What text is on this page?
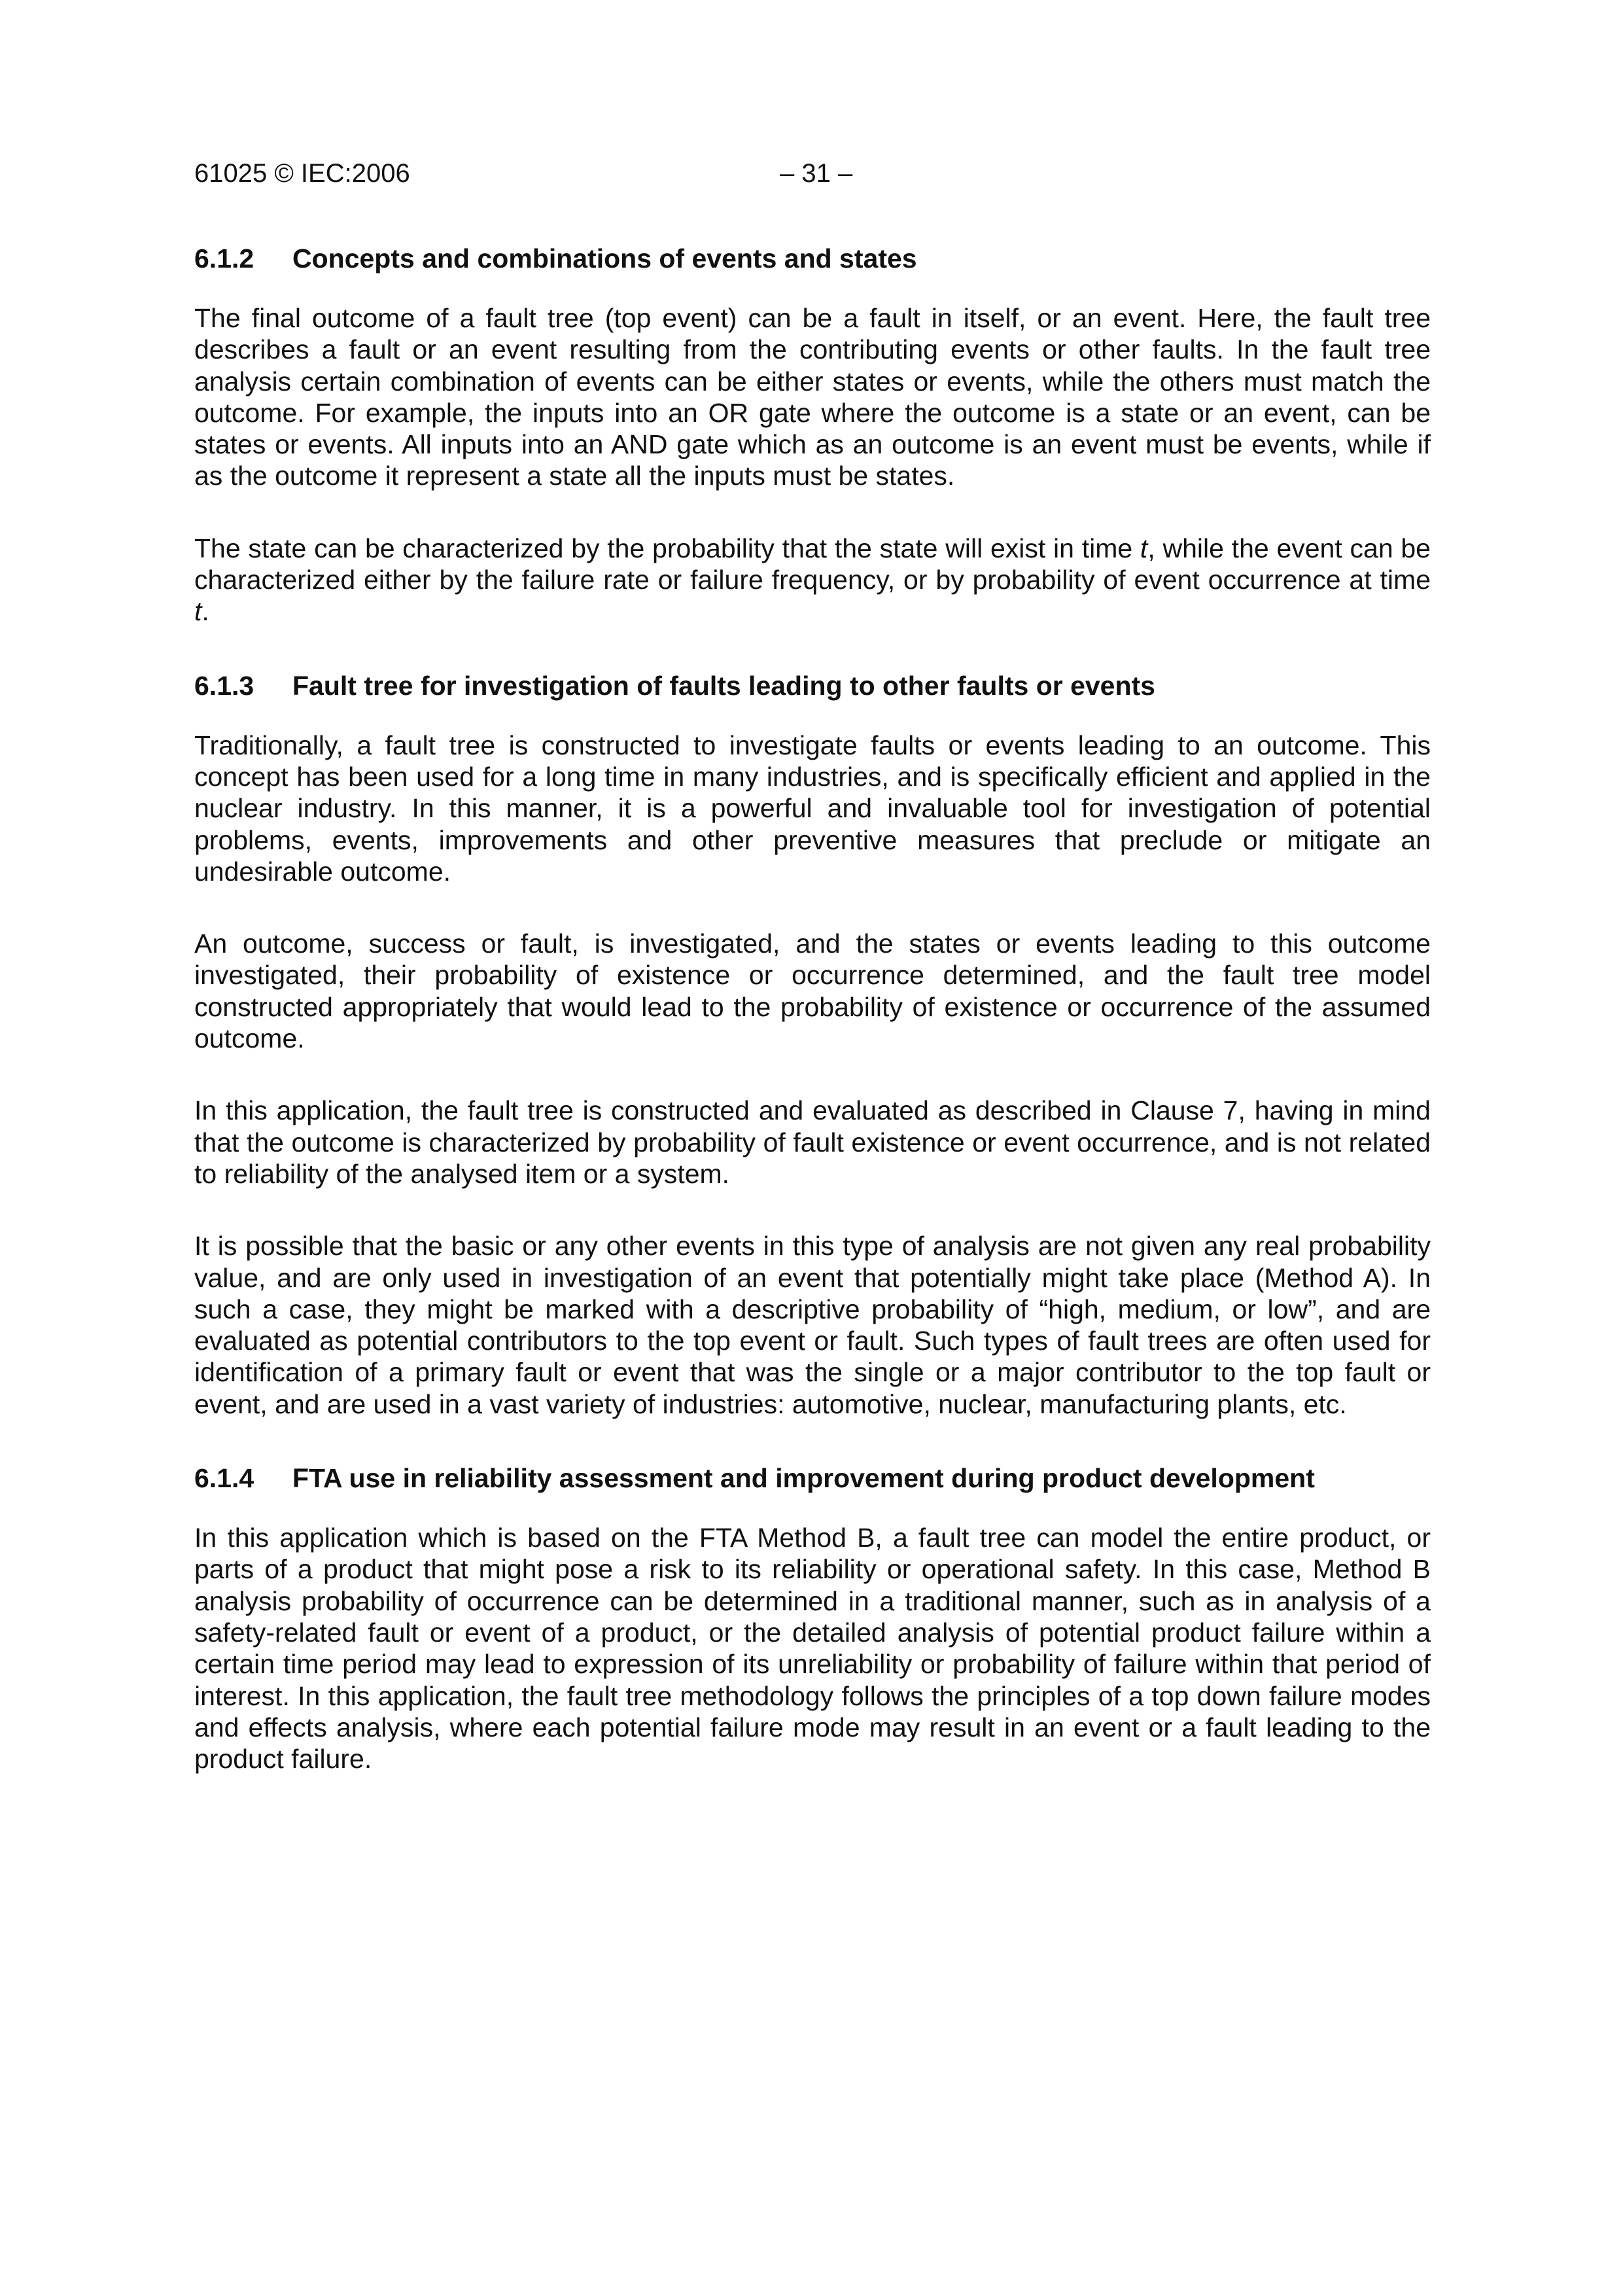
61025 © IEC:2006	– 31 –
6.1.2 Concepts and combinations of events and states

The final outcome of a fault tree (top event) can be a fault in itself, or an event. Here, the fault tree describes a fault or an event resulting from the contributing events or other faults. In the fault tree analysis certain combination of events can be either states or events, while the others must match the outcome. For example, the inputs into an OR gate where the outcome is a state or an event, can be states or events. All inputs into an AND gate which as an outcome is an event must be events, while if as the outcome it represent a state all the inputs must be states.

The state can be characterized by the probability that the state will exist in time t, while the event can be characterized either by the failure rate or failure frequency, or by probability of event occurrence at time t.

6.1.3 Fault tree for investigation of faults leading to other faults or events

Traditionally, a fault tree is constructed to investigate faults or events leading to an outcome. This concept has been used for a long time in many industries, and is specifically efficient and applied in the nuclear industry. In this manner, it is a powerful and invaluable tool for investigation of potential problems, events, improvements and other preventive measures that preclude or mitigate an undesirable outcome.

An outcome, success or fault, is investigated, and the states or events leading to this outcome investigated, their probability of existence or occurrence determined, and the fault tree model constructed appropriately that would lead to the probability of existence or occurrence of the assumed outcome.

In this application, the fault tree is constructed and evaluated as described in Clause 7, having in mind that the outcome is characterized by probability of fault existence or event occurrence, and is not related to reliability of the analysed item or a system.

It is possible that the basic or any other events in this type of analysis are not given any real probability value, and are only used in investigation of an event that potentially might take place (Method A). In such a case, they might be marked with a descriptive probability of “high, medium, or low”, and are evaluated as potential contributors to the top event or fault. Such types of fault trees are often used for identification of a primary fault or event that was the single or a major contributor to the top fault or event, and are used in a vast variety of industries: automotive, nuclear, manufacturing plants, etc.

6.1.4 FTA use in reliability assessment and improvement during product development

In this application which is based on the FTA Method B, a fault tree can model the entire product, or parts of a product that might pose a risk to its reliability or operational safety. In this case, Method B analysis probability of occurrence can be determined in a traditional manner, such as in analysis of a safety-related fault or event of a product, or the detailed analysis of potential product failure within a certain time period may lead to expression of its unreliability or probability of failure within that period of interest. In this application, the fault tree methodology follows the principles of a top down failure modes and effects analysis, where each potential failure mode may result in an event or a fault leading to the product failure.
